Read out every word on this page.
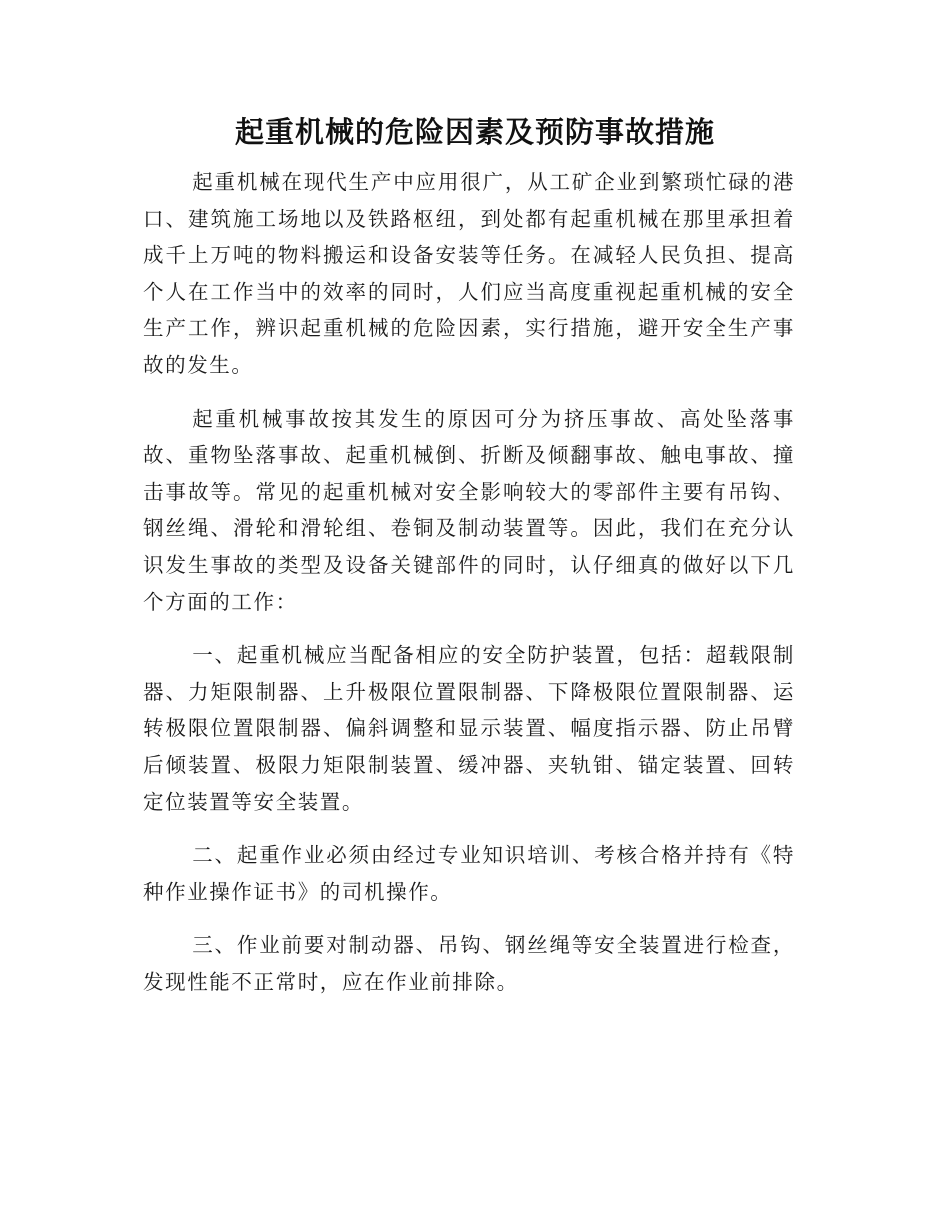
起重机械的危险因素及预防事故措施

起重机械在现代生产中应用很广，从工矿企业到繁琐忙碌的港口、建筑施工场地以及铁路枢纽，到处都有起重机械在那里承担着成千上万吨的物料搬运和设备安装等任务。在减轻人民负担、提高个人在工作当中的效率的同时，人们应当高度重视起重机械的安全生产工作，辨识起重机械的危险因素，实行措施，避开安全生产事故的发生。

起重机械事故按其发生的原因可分为挤压事故、高处坠落事故、重物坠落事故、起重机械倒、折断及倾翻事故、触电事故、撞击事故等。常见的起重机械对安全影响较大的零部件主要有吊钩、钢丝绳、滑轮和滑轮组、卷铜及制动装置等。因此，我们在充分认识发生事故的类型及设备关键部件的同时，认仔细真的做好以下几个方面的工作：

一、起重机械应当配备相应的安全防护装置，包括：超载限制器、力矩限制器、上升极限位置限制器、下降极限位置限制器、运转极限位置限制器、偏斜调整和显示装置、幅度指示器、防止吊臂后倾装置、极限力矩限制装置、缓冲器、夹轨钳、锚定装置、回转定位装置等安全装置。

二、起重作业必须由经过专业知识培训、考核合格并持有《特种作业操作证书》的司机操作。

三、作业前要对制动器、吊钩、钢丝绳等安全装置进行检查，发现性能不正常时，应在作业前排除。
